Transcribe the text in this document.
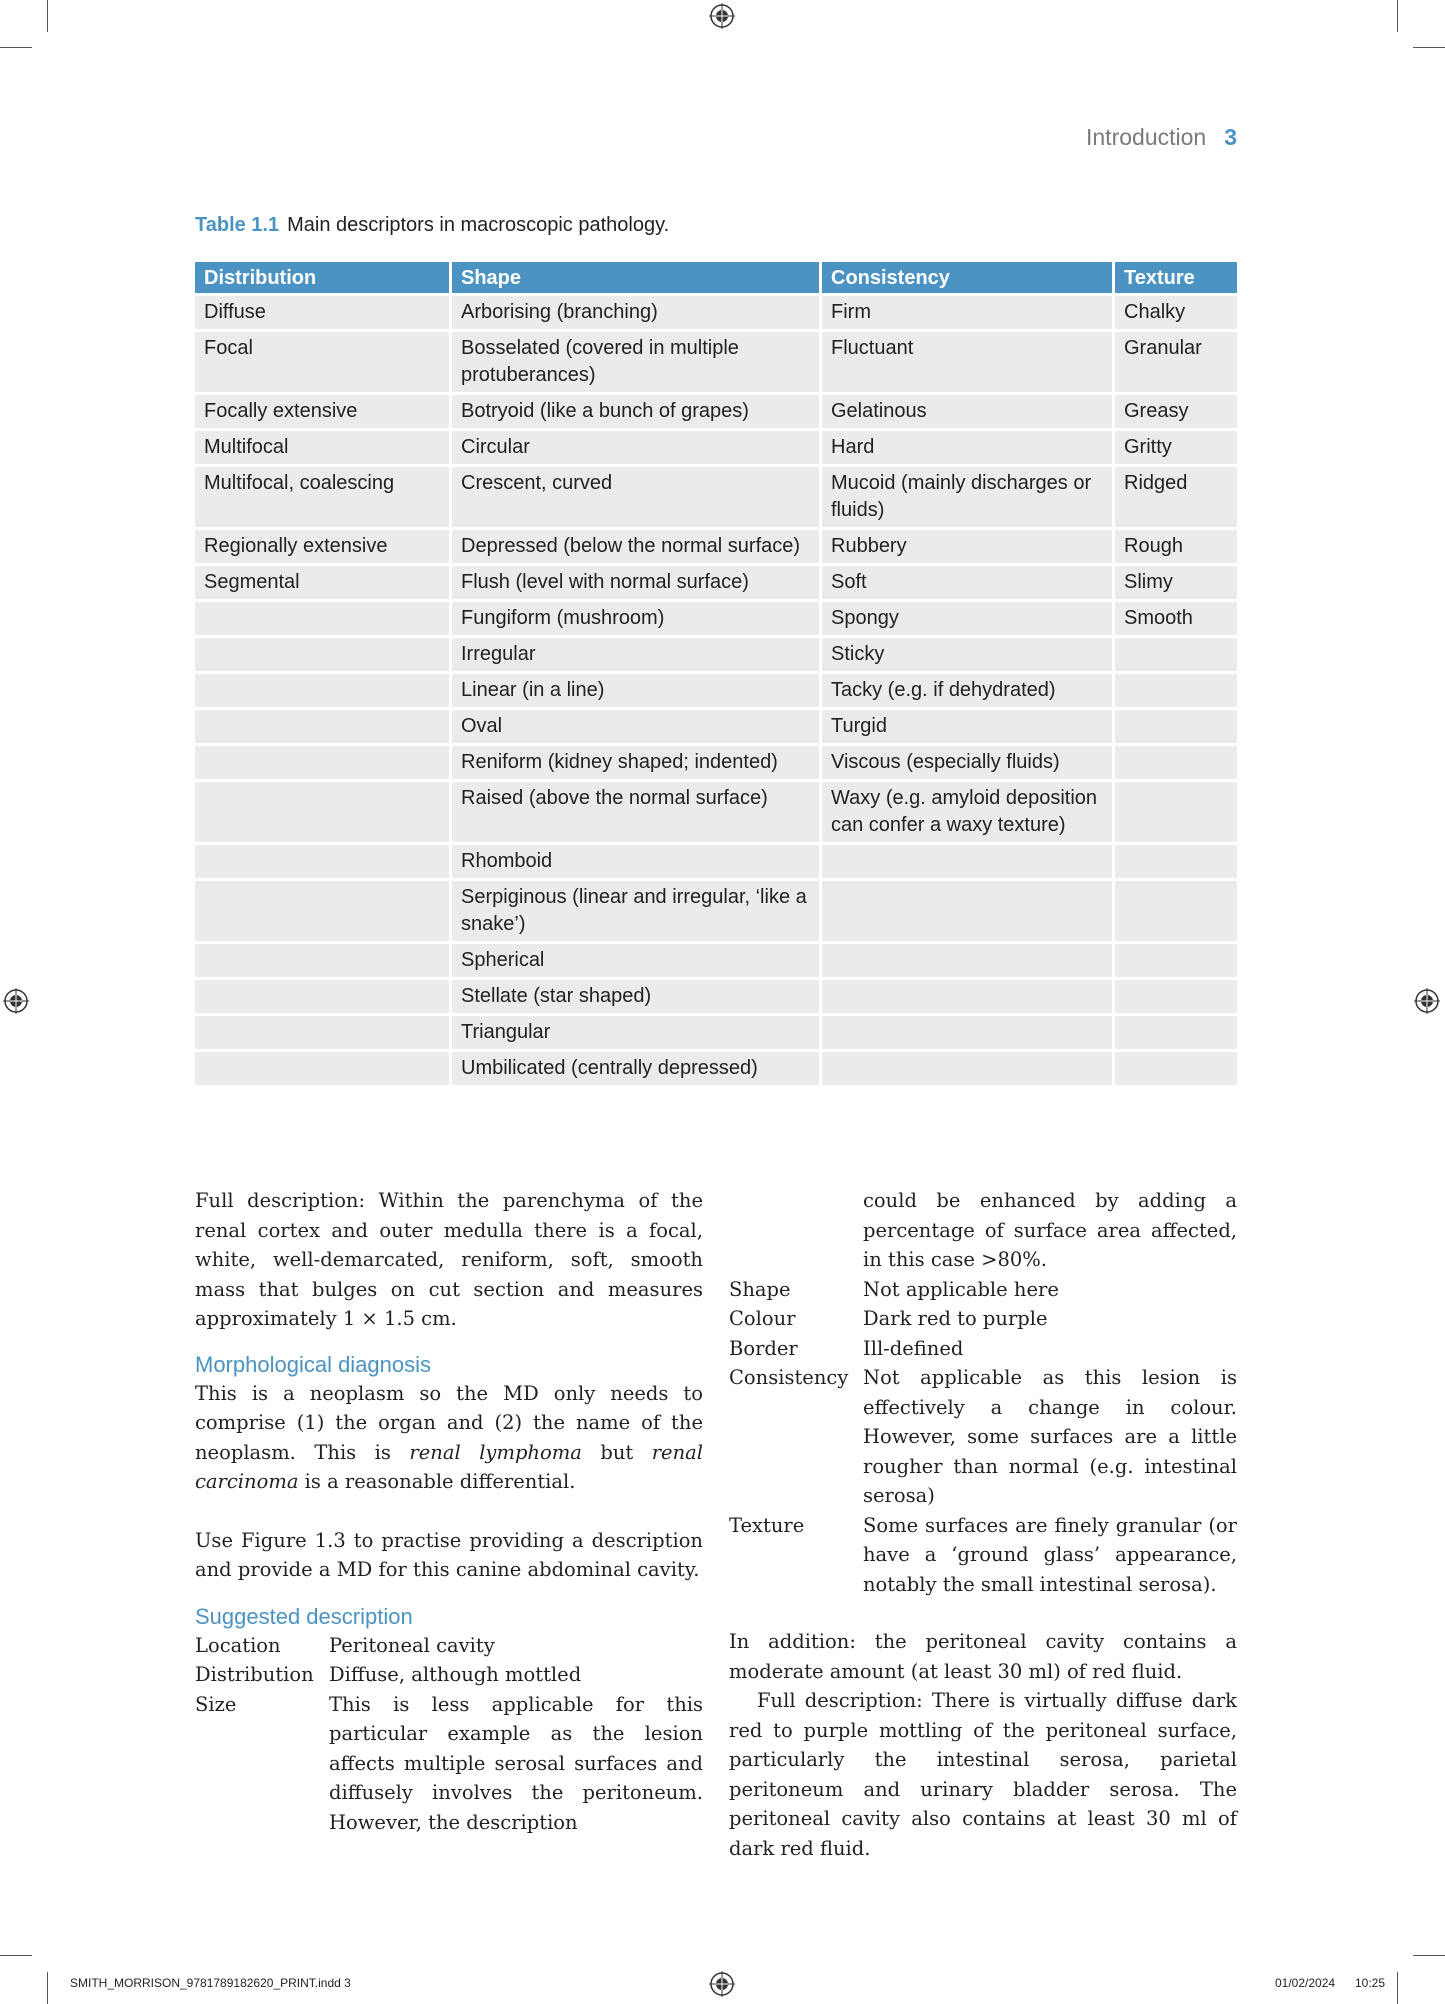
Introduction 3
Table 1.1 Main descriptors in macroscopic pathology.
Distribution	Shape	Consistency	Texture
Diffuse	Arborising (branching)	Firm	Chalky
Focal	Bosselated (covered in multiple protuberances)	Fluctuant	Granular
Focally extensive	Botryoid (like a bunch of grapes)	Gelatinous	Greasy
Multifocal	Circular	Hard	Gritty
Multifocal, coalescing	Crescent, curved	Mucoid (mainly discharges or fluids)	Ridged
Regionally extensive	Depressed (below the normal surface)	Rubbery	Rough
Segmental	Flush (level with normal surface)	Soft	Slimy
	Fungiform (mushroom)	Spongy	Smooth
	Irregular	Sticky	
	Linear (in a line)	Tacky (e.g. if dehydrated)	
	Oval	Turgid	
	Reniform (kidney shaped; indented)	Viscous (especially fluids)	
	Raised (above the normal surface)	Waxy (e.g. amyloid deposition can confer a waxy texture)	
	Rhomboid		
	Serpiginous (linear and irregular, ‘like a snake’)		
	Spherical		
	Stellate (star shaped)		
	Triangular		
	Umbilicated (centrally depressed)		

Full description: Within the parenchyma of the renal cortex and outer medulla there is a focal, white, well-demarcated, reniform, soft, smooth mass that bulges on cut section and measures approximately 1 × 1.5 cm.

Morphological diagnosis

This is a neoplasm so the MD only needs to comprise (1) the organ and (2) the name of the neoplasm. This is renal lymphoma but renal carcinoma is a reasonable differential.

Use Figure 1.3 to practise providing a description and provide a MD for this canine abdominal cavity.

Suggested description

Location	Peritoneal cavity
Distribution Diffuse, although mottled
Size	This is less applicable for this particular example as the lesion affects multiple serosal surfaces and diffusely involves the peritoneum. However, the description
could be enhanced by adding a percentage of surface area affected, in this case >80%.
Shape	Not applicable here
Colour	Dark red to purple
Border	Ill-defined
Consistency Not applicable as this lesion is effectively a change in colour. However, some surfaces are a little rougher than normal (e.g. intestinal serosa)
Texture	Some surfaces are finely granular (or have a ‘ground glass’ appearance, notably the small intestinal serosa).

In addition: the peritoneal cavity contains a moderate amount (at least 30 ml) of red fluid.

Full description: There is virtually diffuse dark red to purple mottling of the peritoneal surface, particularly the intestinal serosa, parietal peritoneum and urinary bladder serosa. The peritoneal cavity also contains at least 30 ml of dark red fluid.

SMITH_MORRISON_9781789182620_PRINT.indd 3	01/02/2024 10:25
